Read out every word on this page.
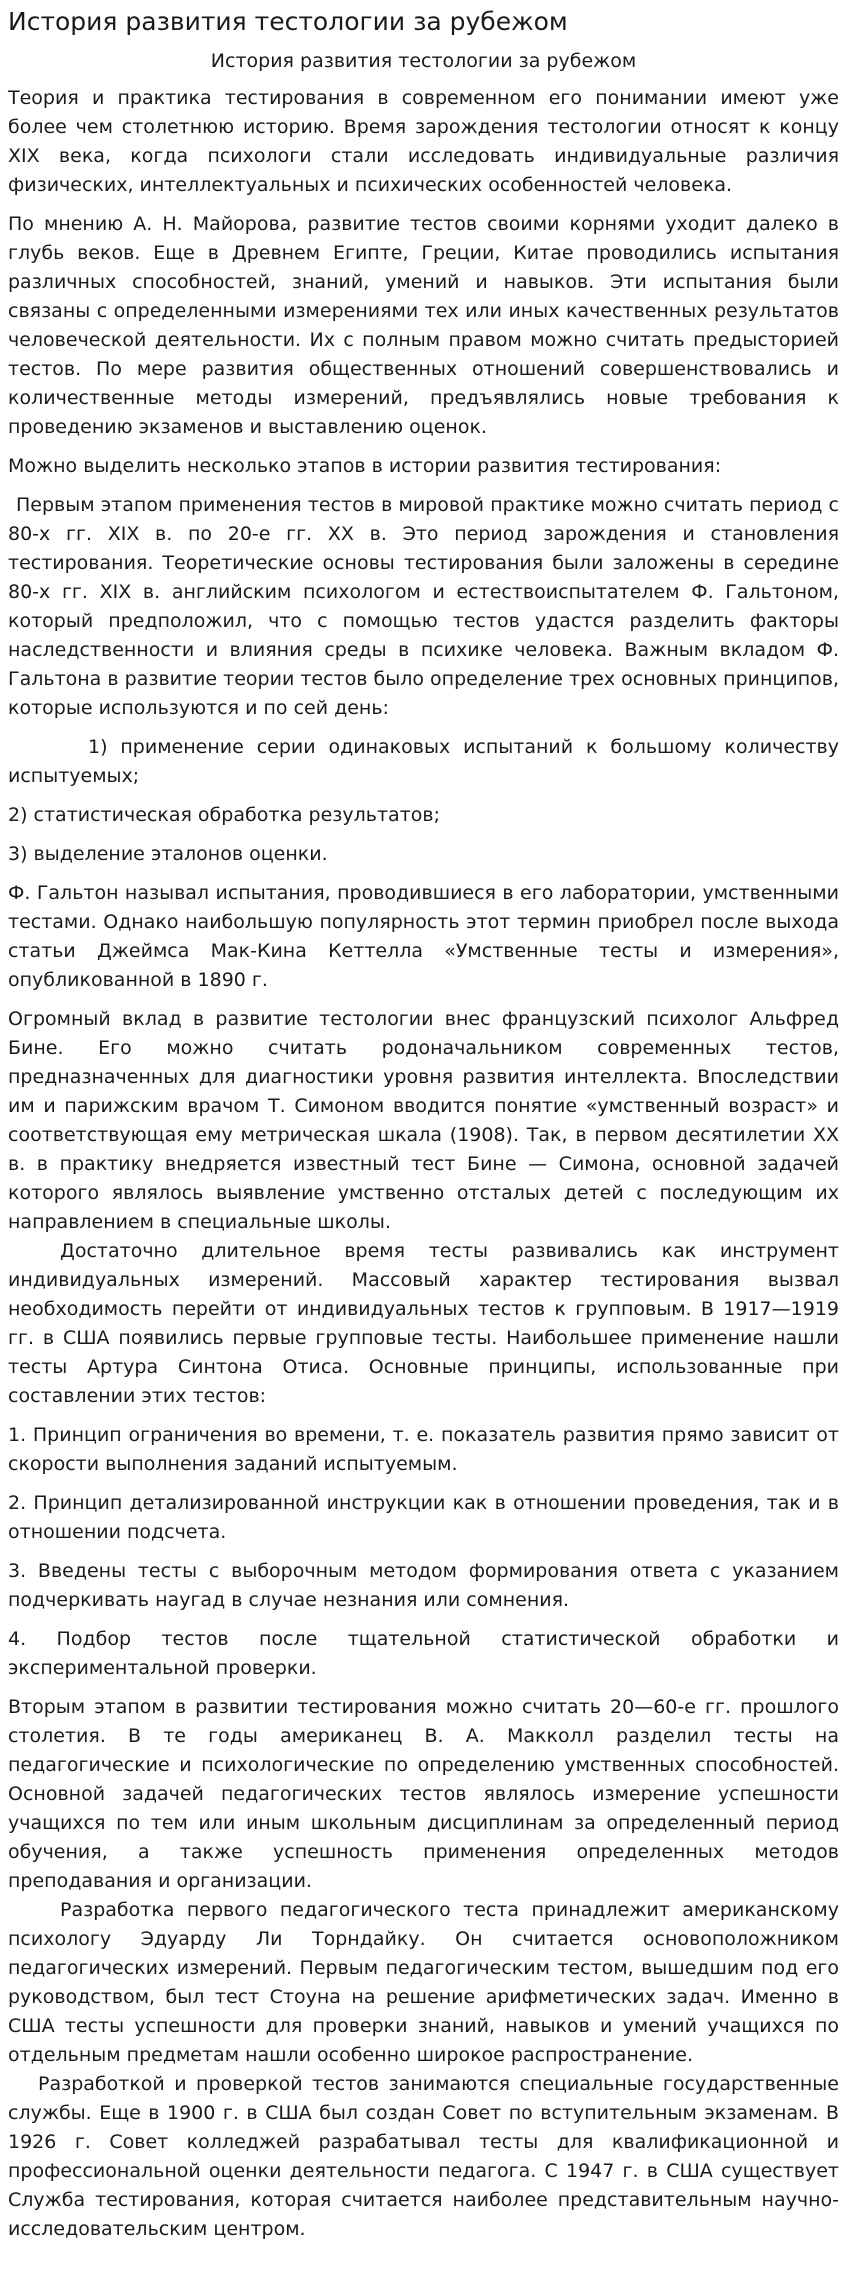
История развития тестологии за рубежом
История развития тестологии за рубежом

Теория и практика тестирования в современном его понимании имеют уже более чем столетнюю историю. Время зарождения тестологии относят к концу XIX века, когда психологи стали исследовать индивидуальные различия физических, интеллектуальных и психических особенностей человека.

По мнению А. Н. Майорова, развитие тестов своими корнями уходит далеко в глубь веков. Еще в Древнем Египте, Греции, Китае проводились испытания различных способностей, знаний, умений и навыков. Эти испытания были связаны с определенными измерениями тех или иных качественных результатов человеческой деятельности. Их с полным правом можно считать предысторией тестов. По мере развития общественных отношений совершенствовались и количественные методы измерений, предъявлялись новые требования к проведению экзаменов и выставлению оценок.

Можно выделить несколько этапов в истории развития тестирования:

Первым этапом применения тестов в мировой практике можно считать период с 80-х гг. XIX в. по 20-е гг. XX в. Это период зарождения и становления тестирования. Теоретические основы тестирования были заложены в середине 80-х гг. XIX в. английским психологом и естествоиспытателем Ф. Гальтоном, который предположил, что с помощью тестов удастся разделить факторы наследственности и влияния среды в психике человека. Важным вкладом Ф. Гальтона в развитие теории тестов было определение трех основных принципов, которые используются и по сей день:

1) применение серии одинаковых испытаний к большому количеству испытуемых;

2) статистическая обработка результатов;

3) выделение эталонов оценки.

Ф. Гальтон называл испытания, проводившиеся в его лаборатории, умственными тестами. Однако наибольшую популярность этот термин приобрел после выхода статьи Джеймса Мак-Кина Кеттелла «Умственные тесты и измерения», опубликованной в 1890 г.

Огромный вклад в развитие тестологии внес французский психолог Альфред Бине. Его можно считать родоначальником современных тестов, предназначенных для диагностики уровня развития интеллекта. Впоследствии им и парижским врачом Т. Симоном вводится понятие «умственный возраст» и соответствующая ему метрическая шкала (1908). Так, в первом десятилетии XX в. в практику внедряется известный тест Бине — Симона, основной задачей которого являлось выявление умственно отсталых детей с последующим их направлением в специальные школы.

Достаточно длительное время тесты развивались как инструмент индивидуальных измерений. Массовый характер тестирования вызвал необходимость перейти от индивидуальных тестов к групповым. В 1917—1919 гг. в США появились первые групповые тесты. Наибольшее применение нашли тесты Артура Синтона Отиса. Основные принципы, использованные при составлении этих тестов:

1. Принцип ограничения во времени, т. е. показатель развития прямо зависит от скорости выполнения заданий испытуемым.

2. Принцип детализированной инструкции как в отношении проведения, так и в отношении подсчета.

3. Введены тесты с выборочным методом формирования ответа с указанием подчеркивать наугад в случае незнания или сомнения.

4. Подбор тестов после тщательной статистической обработки и экспериментальной проверки.

Вторым этапом в развитии тестирования можно считать 20—60-е гг. прошлого столетия. В те годы американец В. А. Макколл разделил тесты на педагогические и психологические по определению умственных способностей. Основной задачей педагогических тестов являлось измерение успешности учащихся по тем или иным школьным дисциплинам за определенный период обучения, а также успешность применения определенных методов преподавания и организации.

Разработка первого педагогического теста принадлежит американскому психологу Эдуарду Ли Торндайку. Он считается основоположником педагогических измерений. Первым педагогическим тестом, вышедшим под его руководством, был тест Стоуна на решение арифметических задач. Именно в США тесты успешности для проверки знаний, навыков и умений учащихся по отдельным предметам нашли особенно широкое распространение.

Разработкой и проверкой тестов занимаются специальные государственные службы. Еще в 1900 г. в США был создан Совет по вступительным экзаменам. В 1926 г. Совет колледжей разрабатывал тесты для квалификационной и профессиональной оценки деятельности педагога. С 1947 г. в США существует Служба тестирования, которая считается наиболее представительным научно-исследовательским центром.
